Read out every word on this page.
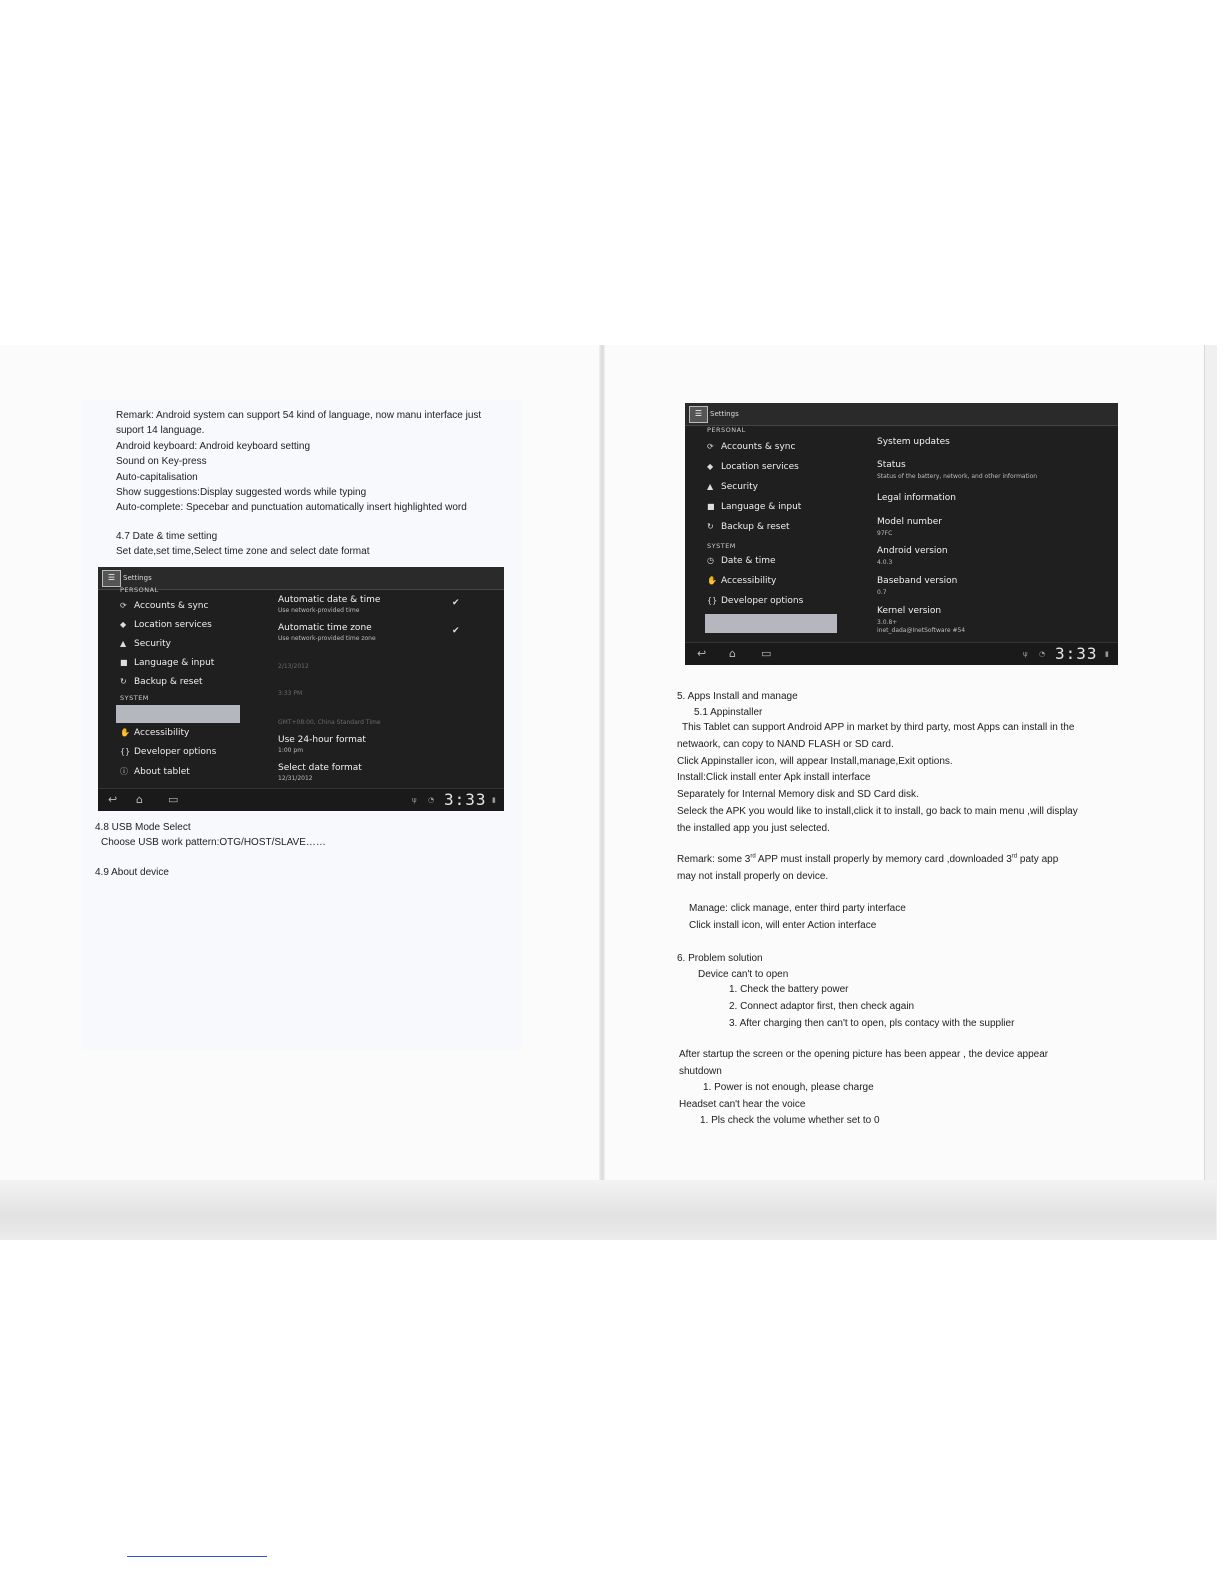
Remark: Android system can support 54 kind of language, now manu interface just
suport 14 language.
Android keyboard: Android keyboard setting
Sound on Key-press
Auto-capitalisation
Show suggestions:Display suggested words while typing
Auto-complete: Specebar and punctuation automatically insert highlighted word
4.7 Date & time setting
Set date,set time,Select time zone and select date format
☰	Settings
PERSONAL
⟳ Accounts & sync
◆ Location services
▲ Security
■ Language & input
↻ Backup & reset
SYSTEM
✋ Accessibility
{} Developer options
ⓘ About tablet
Automatic date & time
Use network-provided time
✔
Automatic time zone
Use network-provided time zone
✔
2/13/2012
3:33 PM
GMT+08:00, China Standard Time
Use 24-hour format
1:00 pm
Select date format
12/31/2012
↩ ⌂ ▭	ψ ◔ 3:33 ▮
4.8 USB Mode Select
Choose USB work pattern:OTG/HOST/SLAVE……
4.9 About device
☰	Settings
PERSONAL
⟳ Accounts & sync
◆ Location services
▲ Security
■ Language & input
↻ Backup & reset
SYSTEM
◷ Date & time
✋ Accessibility
{} Developer options
System updates
Status
Status of the battery, network, and other information
Legal information
Model number
97FC
Android version
4.0.3
Baseband version
0.7
Kernel version
3.0.8+
inet_dada@InetSoftware #54
↩ ⌂ ▭	ψ ◔ 3:33 ▮
5. Apps Install and manage
5.1 Appinstaller
This Tablet can support Android APP in market by third party, most Apps can install in the
netwaork, can copy to NAND FLASH or SD card.
Click Appinstaller icon, will appear Install,manage,Exit options.
Install:Click install enter Apk install interface
Separately for Internal Memory disk and SD Card disk.
Seleck the APK you would like to install,click it to install, go back to main menu ,will display
the installed app you just selected.
Remark: some 3rd APP must install properly by memory card ,downloaded 3rd paty app
may not install properly on device.
Manage: click manage, enter third party interface
Click install icon, will enter Action interface
6. Problem solution
Device can't to open
1. Check the battery power
2. Connect adaptor first, then check again
3. After charging then can't to open, pls contacy with the supplier
After startup the screen or the opening picture has been appear , the device appear
shutdown
1. Power is not enough, please charge
Headset can't hear the voice
1. Pls check the volume whether set to 0
